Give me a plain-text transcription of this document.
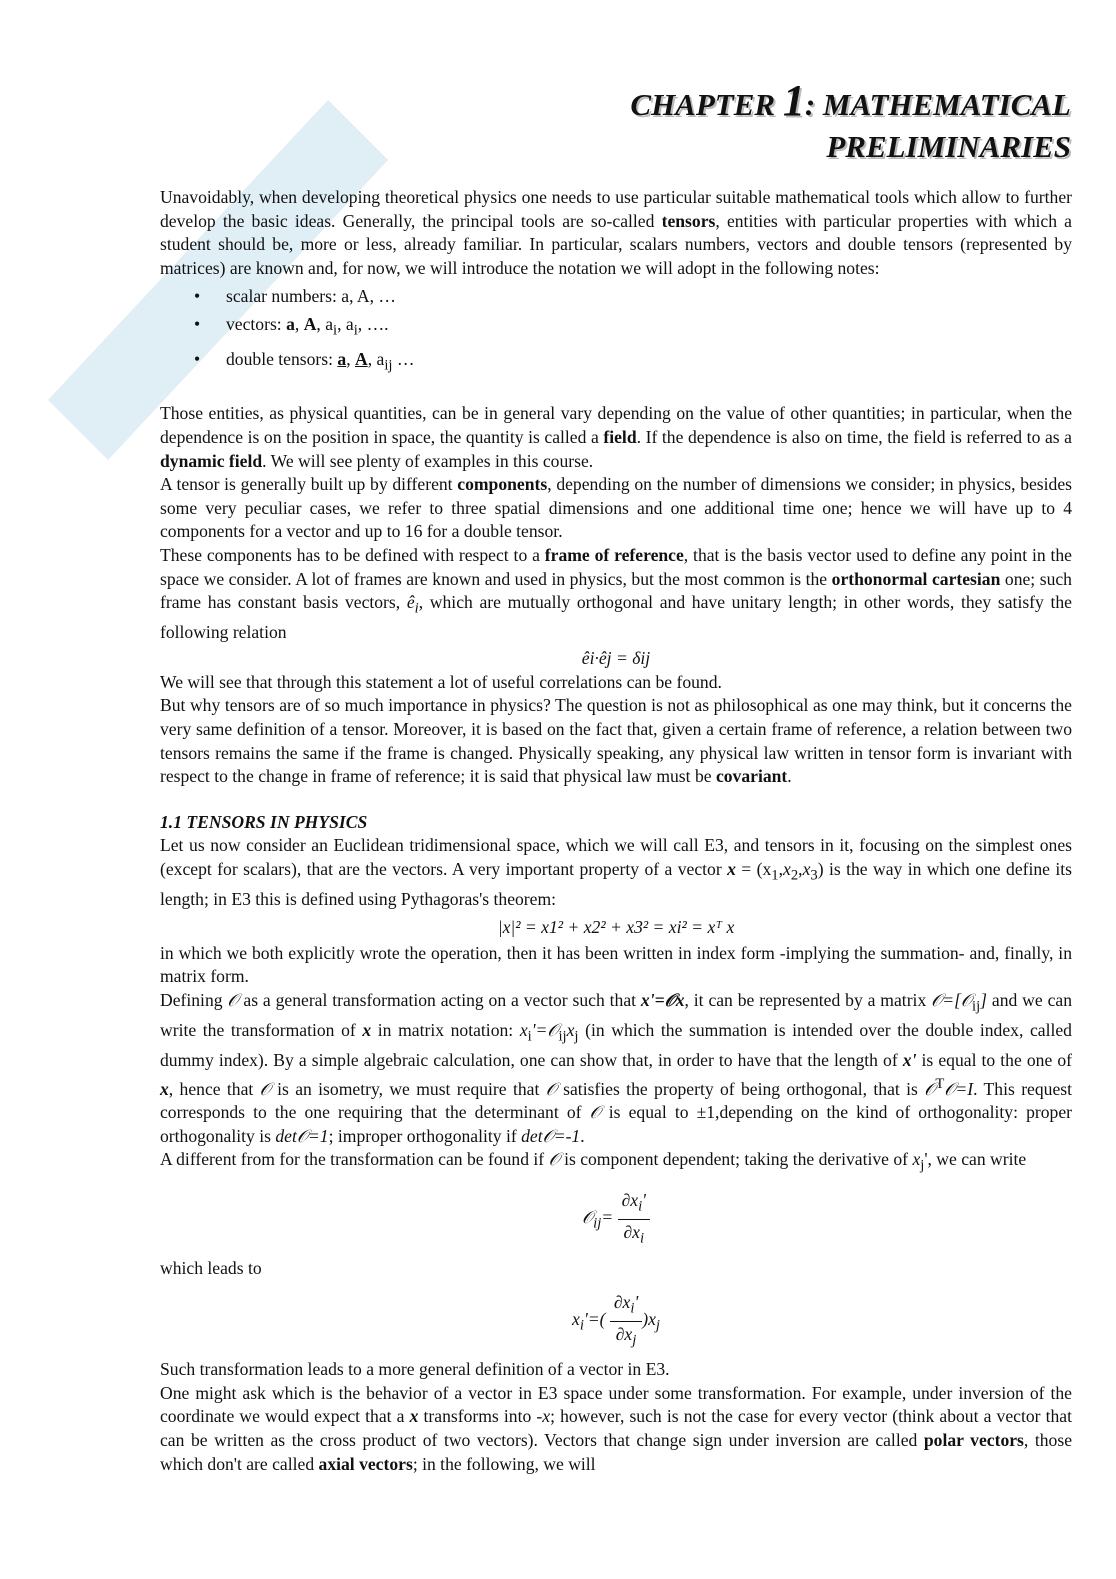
CHAPTER 1: MATHEMATICAL
PRELIMINARIES

Unavoidably, when developing theoretical physics one needs to use particular suitable mathematical tools which allow to further develop the basic ideas. Generally, the principal tools are so-called tensors, entities with particular properties with which a student should be, more or less, already familiar. In particular, scalars numbers, vectors and double tensors (represented by matrices) are known and, for now, we will introduce the notation we will adopt in the following notes:

• scalar numbers: a, A, …
• vectors: a, A, $a_i$, $a_i$, ….
• double tensors: a, A, $a_{ij}$ …

Those entities, as physical quantities, can be in general vary depending on the value of other quantities; in particular, when the dependence is on the position in space, the quantity is called a field. If the dependence is also on time, the field is referred to as a dynamic field. We will see plenty of examples in this course.

A tensor is generally built up by different components, depending on the number of dimensions we consider; in physics, besides some very peculiar cases, we refer to three spatial dimensions and one additional time one; hence we will have up to 4 components for a vector and up to 16 for a double tensor.

These components has to be defined with respect to a frame of reference, that is the basis vector used to define any point in the space we consider. A lot of frames are known and used in physics, but the most common is the orthonormal cartesian one; such frame has constant basis vectors, $ê_i$, which are mutually orthogonal and have unitary length; in other words, they satisfy the following relation

êi·êj = δij

We will see that through this statement a lot of useful correlations can be found.

But why tensors are of so much importance in physics? The question is not as philosophical as one may think, but it concerns the very same definition of a tensor. Moreover, it is based on the fact that, given a certain frame of reference, a relation between two tensors remains the same if the frame is changed. Physically speaking, any physical law written in tensor form is invariant with respect to the change in frame of reference; it is said that physical law must be covariant.

1.1 TENSORS IN PHYSICS

Let us now consider an Euclidean tridimensional space, which we will call E3, and tensors in it, focusing on the simplest ones (except for scalars), that are the vectors. A very important property of a vector $x = (x_1,x_2,x_3)$ is the way in which one define its length; in E3 this is defined using Pythagoras's theorem:

|x|² = x1² + x2² + x3² = xi² = xᵀ x

in which we both explicitly wrote the operation, then it has been written in index form -implying the summation- and, finally, in matrix form.

Defining 𝒪 as a general transformation acting on a vector such that x'=𝒪x, it can be represented by a matrix 𝒪=[𝒪$_{ij}$] and we can write the transformation of x in matrix notation: $x_i'=𝒪_{ij}x_j$ (in which the summation is intended over the double index, called dummy index). By a simple algebraic calculation, one can show that, in order to have that the length of x' is equal to the one of x, hence that 𝒪 is an isometry, we must require that 𝒪 satisfies the property of being orthogonal, that is 𝒪$^T$𝒪=I. This request corresponds to the one requiring that the determinant of 𝒪 is equal to ±1,depending on the kind of orthogonality: proper orthogonality is det𝒪=1; improper orthogonality if det𝒪=-1.

A different from for the transformation can be found if 𝒪 is component dependent; taking the derivative of $x_j'$, we can write

𝒪$_{ij}$= $\frac{\partial x_i'}{\partial x_i}$

which leads to

$x_i'=( \frac{\partial x_i'}{\partial x_j} )x_j$

Such transformation leads to a more general definition of a vector in E3.

One might ask which is the behavior of a vector in E3 space under some transformation. For example, under inversion of the coordinate we would expect that a x transforms into -x; however, such is not the case for every vector (think about a vector that can be written as the cross product of two vectors). Vectors that change sign under inversion are called polar vectors, those which don't are called axial vectors; in the following, we will
